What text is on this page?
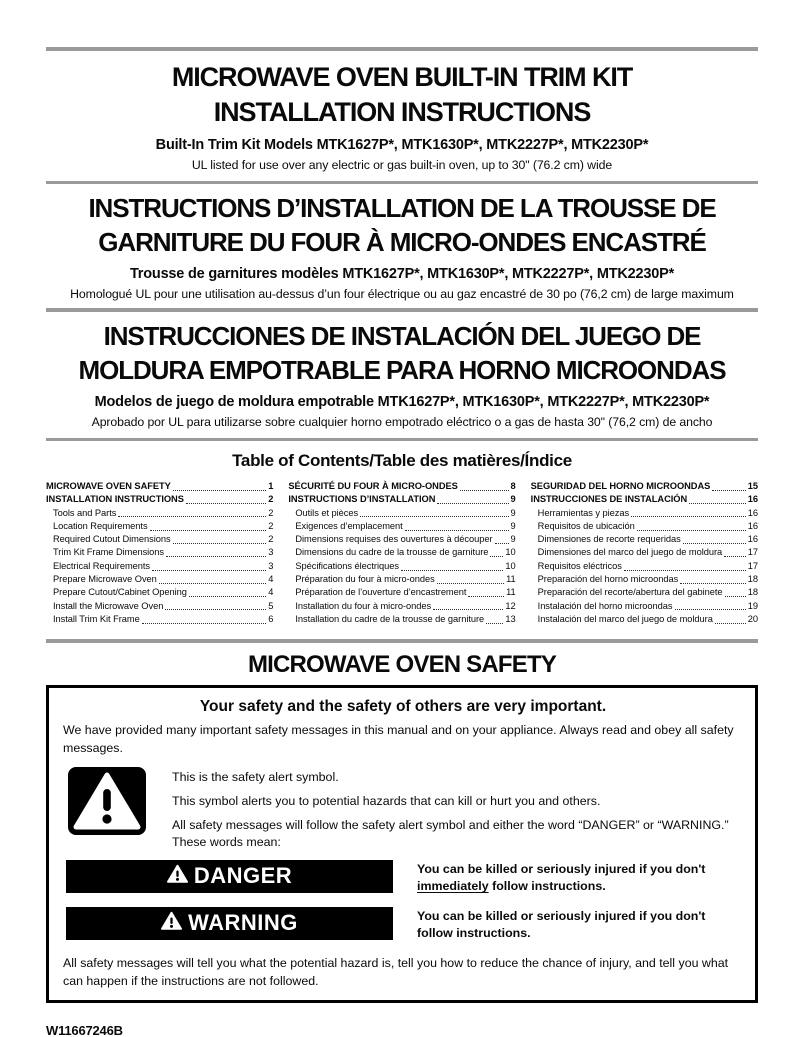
MICROWAVE OVEN BUILT-IN TRIM KIT
INSTALLATION INSTRUCTIONS
Built-In Trim Kit Models MTK1627P*, MTK1630P*, MTK2227P*, MTK2230P*
UL listed for use over any electric or gas built-in oven, up to 30" (76.2 cm) wide
INSTRUCTIONS D’INSTALLATION DE LA TROUSSE DE
GARNITURE DU FOUR À MICRO-ONDES ENCASTRÉ
Trousse de garnitures modèles MTK1627P*, MTK1630P*, MTK2227P*, MTK2230P*
Homologué UL pour une utilisation au-dessus d’un four électrique ou au gaz encastré de 30 po (76,2 cm) de large maximum
INSTRUCCIONES DE INSTALACIÓN DEL JUEGO DE
MOLDURA EMPOTRABLE PARA HORNO MICROONDAS
Modelos de juego de moldura empotrable MTK1627P*, MTK1630P*, MTK2227P*, MTK2230P*
Aprobado por UL para utilizarse sobre cualquier horno empotrado eléctrico o a gas de hasta 30" (76,2 cm) de ancho
Table of Contents/Table des matières/Índice
MICROWAVE OVEN SAFETY	1
INSTALLATION INSTRUCTIONS	2
Tools and Parts	2
Location Requirements	2
Required Cutout Dimensions	2
Trim Kit Frame Dimensions	3
Electrical Requirements	3
Prepare Microwave Oven	4
Prepare Cutout/Cabinet Opening	4
Install the Microwave Oven	5
Install Trim Kit Frame	6
SÉCURITÉ DU FOUR À MICRO-ONDES	8
INSTRUCTIONS D’INSTALLATION	9
Outils et pièces	9
Exigences d’emplacement	9
Dimensions requises des ouvertures à découper 9
Dimensions du cadre de la trousse de garniture 10
Spécifications électriques	10
Préparation du four à micro-ondes	11
Préparation de l’ouverture d’encastrement	11
Installation du four à micro-ondes	12
Installation du cadre de la trousse de garniture 13
SEGURIDAD DEL HORNO MICROONDAS	15
INSTRUCCIONES DE INSTALACIÓN	16
Herramientas y piezas	16
Requisitos de ubicación	16
Dimensiones de recorte requeridas	16
Dimensiones del marco del juego de moldura	17
Requisitos eléctricos	17
Preparación del horno microondas	18
Preparación del recorte/abertura del gabinete	18
Instalación del horno microondas	19
Instalación del marco del juego de moldura	20
MICROWAVE OVEN SAFETY
Your safety and the safety of others are very important.

We have provided many important safety messages in this manual and on your appliance. Always read and obey all safety messages.

This is the safety alert symbol.

This symbol alerts you to potential hazards that can kill or hurt you and others.

All safety messages will follow the safety alert symbol and either the word “DANGER” or “WARNING.”

These words mean:

DANGER	You can be killed or seriously injured if you don't immediately follow instructions.

WARNING	You can be killed or seriously injured if you don't follow instructions.

All safety messages will tell you what the potential hazard is, tell you how to reduce the chance of injury, and tell you what can happen if the instructions are not followed.

W11667246B
